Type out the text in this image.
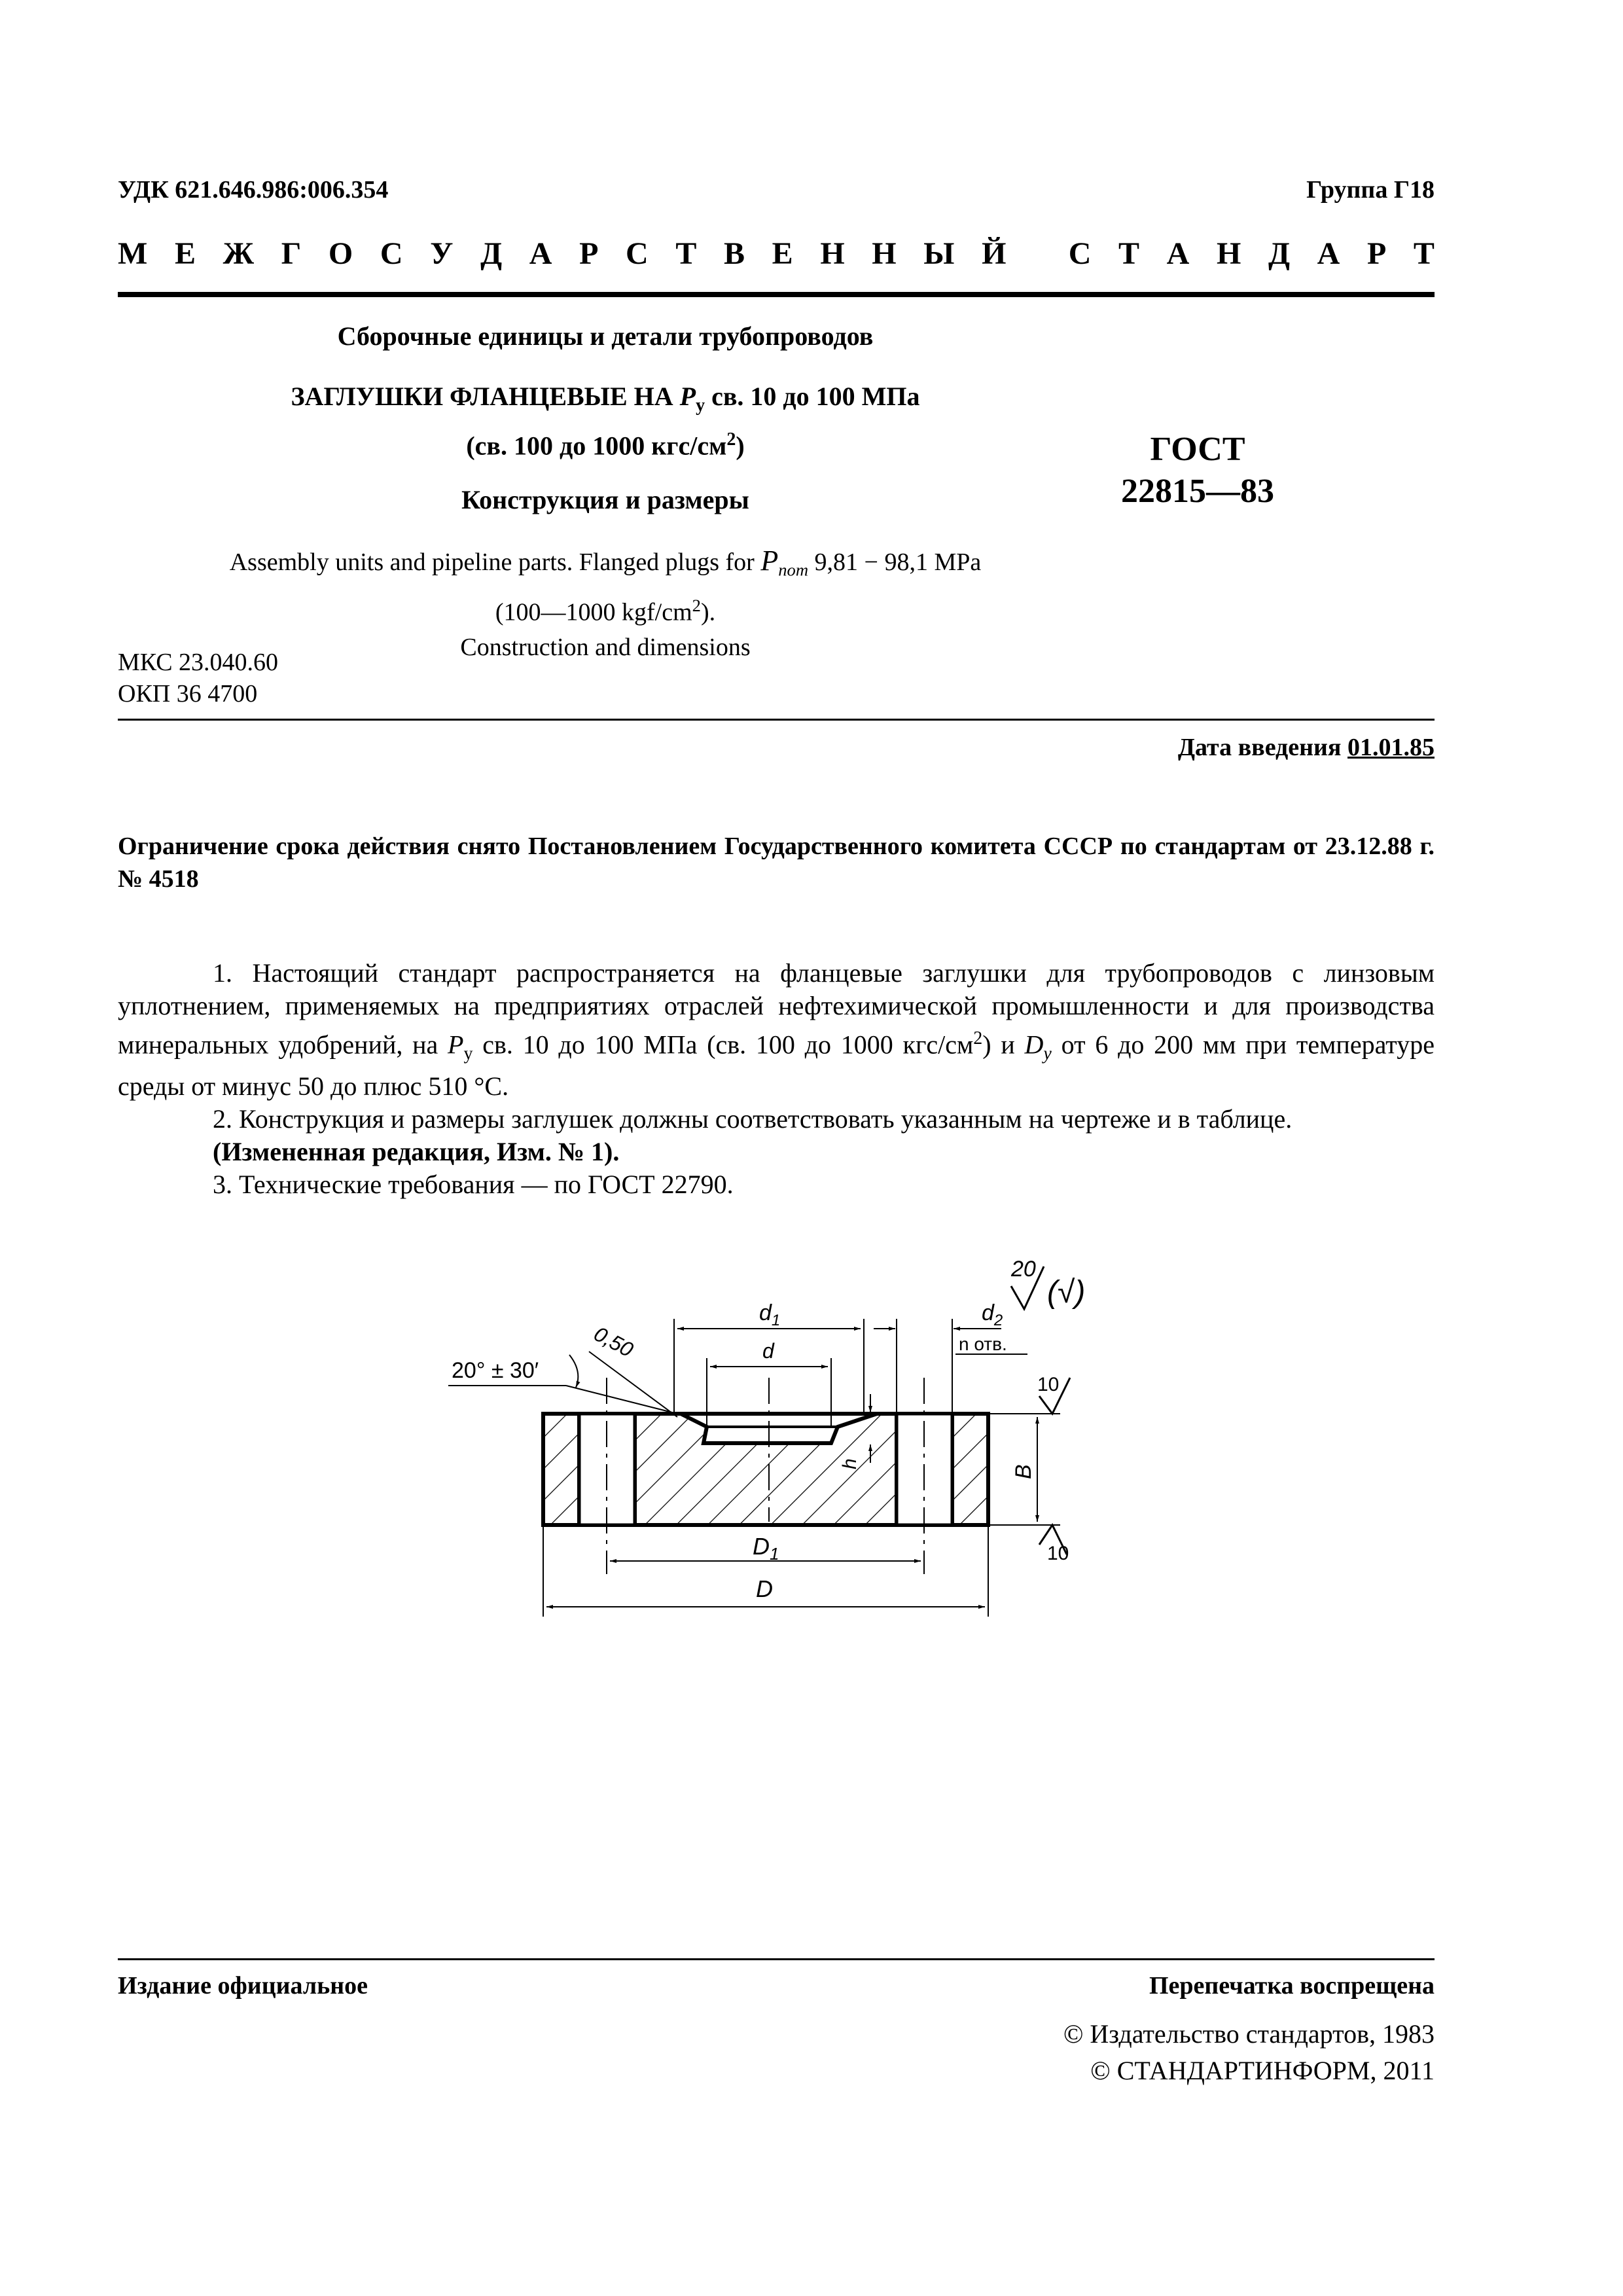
УДК 621.646.986:006.354	Группа Г18
М Е Ж Г О С У Д А Р С Т В Е Н Н Ы Й
С Т А Н Д А Р Т
Сборочные единицы и детали трубопроводов
ЗАГЛУШКИ ФЛАНЦЕВЫЕ НА $P_у$ св. 10 до 100 МПа
(св. 100 до 1000 кгс/$см^2$)
Конструкция и размеры
ГОСТ
22815—83
Assembly units and pipeline parts. Flanged plugs for $P_{nom}$ 9,81 − 98,1 MPa
(100—1000 kgf/$cm^2$).
Construction and dimensions
МКС 23.040.60
ОКП 36 4700
Дата введения 01.01.85
Ограничение срока действия снято Постановлением Государственного комитета СССР по стандартам от 23.12.88 г. № 4518

1. Настоящий стандарт распространяется на фланцевые заглушки для трубопроводов с линзовым уплотнением, применяемых на предприятиях отраслей нефтехимической промышленности и для производства минеральных удобрений, на $P_у$ св. 10 до 100 МПа (св. 100 до 1000 кгс/$см^2$) и $D_у$ от 6 до 200 мм при температуре среды от минус 50 до плюс 510 °С.

2. Конструкция и размеры заглушек должны соответствовать указанным на чертеже и в таблице.

(Измененная редакция, Изм. № 1).

3. Технические требования — по ГОСТ 22790.

20
(√)
$d_1$
d
$d_2$
n отв.
20° ± 30′
0,50
h
B
10
10
$D_1$
D
Издание официальное	Перепечатка воспрещена
© Издательство стандартов, 1983
© СТАНДАРТИНФОРМ, 2011
